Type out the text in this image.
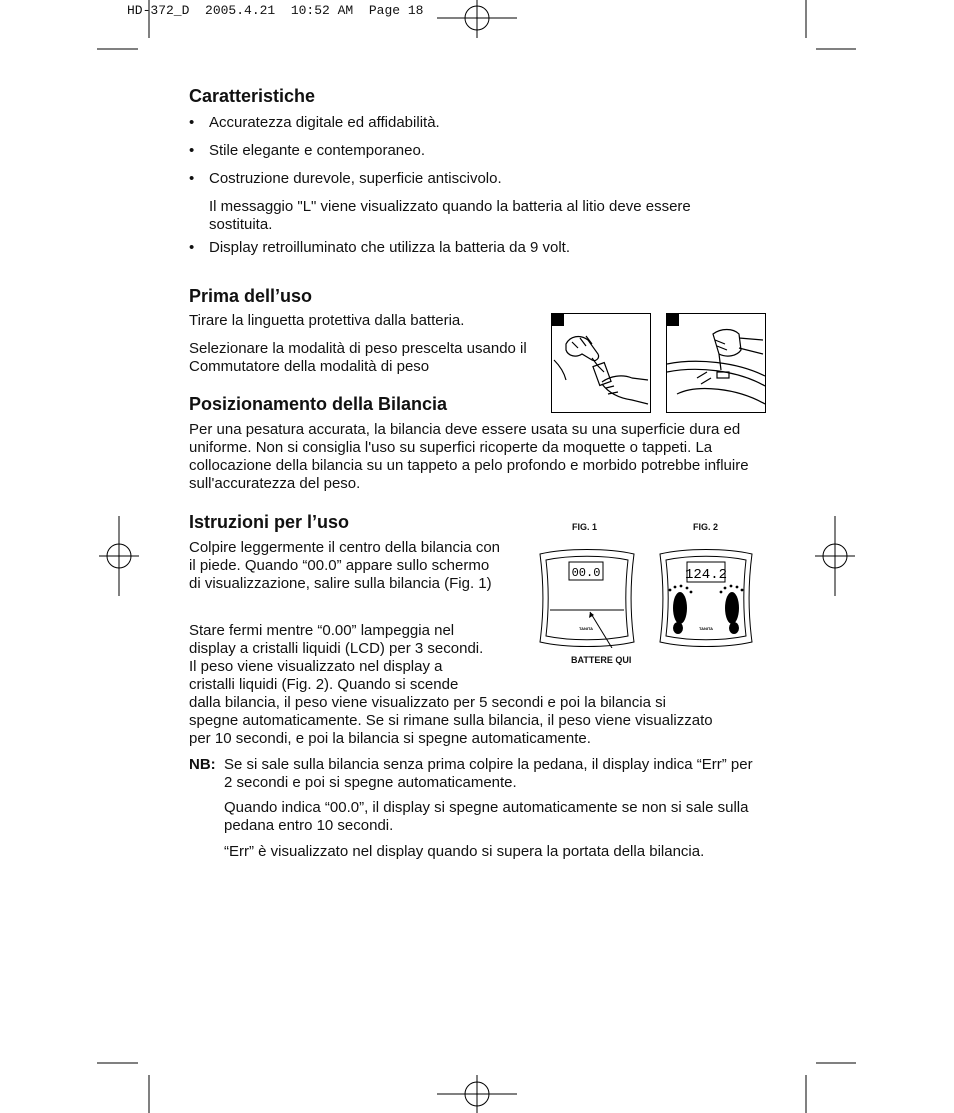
HD-372_D  2005.4.21  10:52 AM  Page 18
Caratteristiche
• Accuratezza digitale ed affidabilità.
• Stile elegante e contemporaneo.
• Costruzione durevole, superficie antiscivolo.

Il messaggio "L" viene visualizzato quando la batteria al litio deve essere sostituita.

• Display retroilluminato che utilizza la batteria da 9 volt.
Prima dell’uso

Tirare la linguetta protettiva dalla batteria.

Selezionare la modalità di peso prescelta usando il Commutatore della modalità di peso

Posizionamento della Bilancia

Per una pesatura accurata, la bilancia deve essere usata su una superficie dura ed uniforme. Non si consiglia l'uso su superfici ricoperte da moquette o tappeti. La collocazione della bilancia su un tappeto a pelo profondo e morbido potrebbe influire sull'accuratezza del peso.

Istruzioni per l’uso

Colpire leggermente il centro della bilancia con il piede. Quando “00.0” appare sullo schermo di visualizzazione, salire sulla bilancia (Fig. 1)

Stare fermi mentre “0.00” lampeggia nel
display a cristalli liquidi (LCD) per 3 secondi.
Il peso viene visualizzato nel display a
cristalli liquidi (Fig. 2). Quando si scende
dalla bilancia, il peso viene visualizzato per 5 secondi e poi la bilancia si
spegne automaticamente. Se si rimane sulla bilancia, il peso viene visualizzato
per 10 secondi, e poi la bilancia si spegne automaticamente.
NB: Se si sale sulla bilancia senza prima colpire la pedana, il display indica “Err” per 2 secondi e poi si spegne automaticamente.

Quando indica “00.0”, il display si spegne automaticamente se non si sale sulla pedana entro 10 secondi.

“Err” è visualizzato nel display quando si supera la portata della bilancia.

FIG. 1	FIG. 2
00.0
TANITA
BATTERE QUI
124.2
TANITA
